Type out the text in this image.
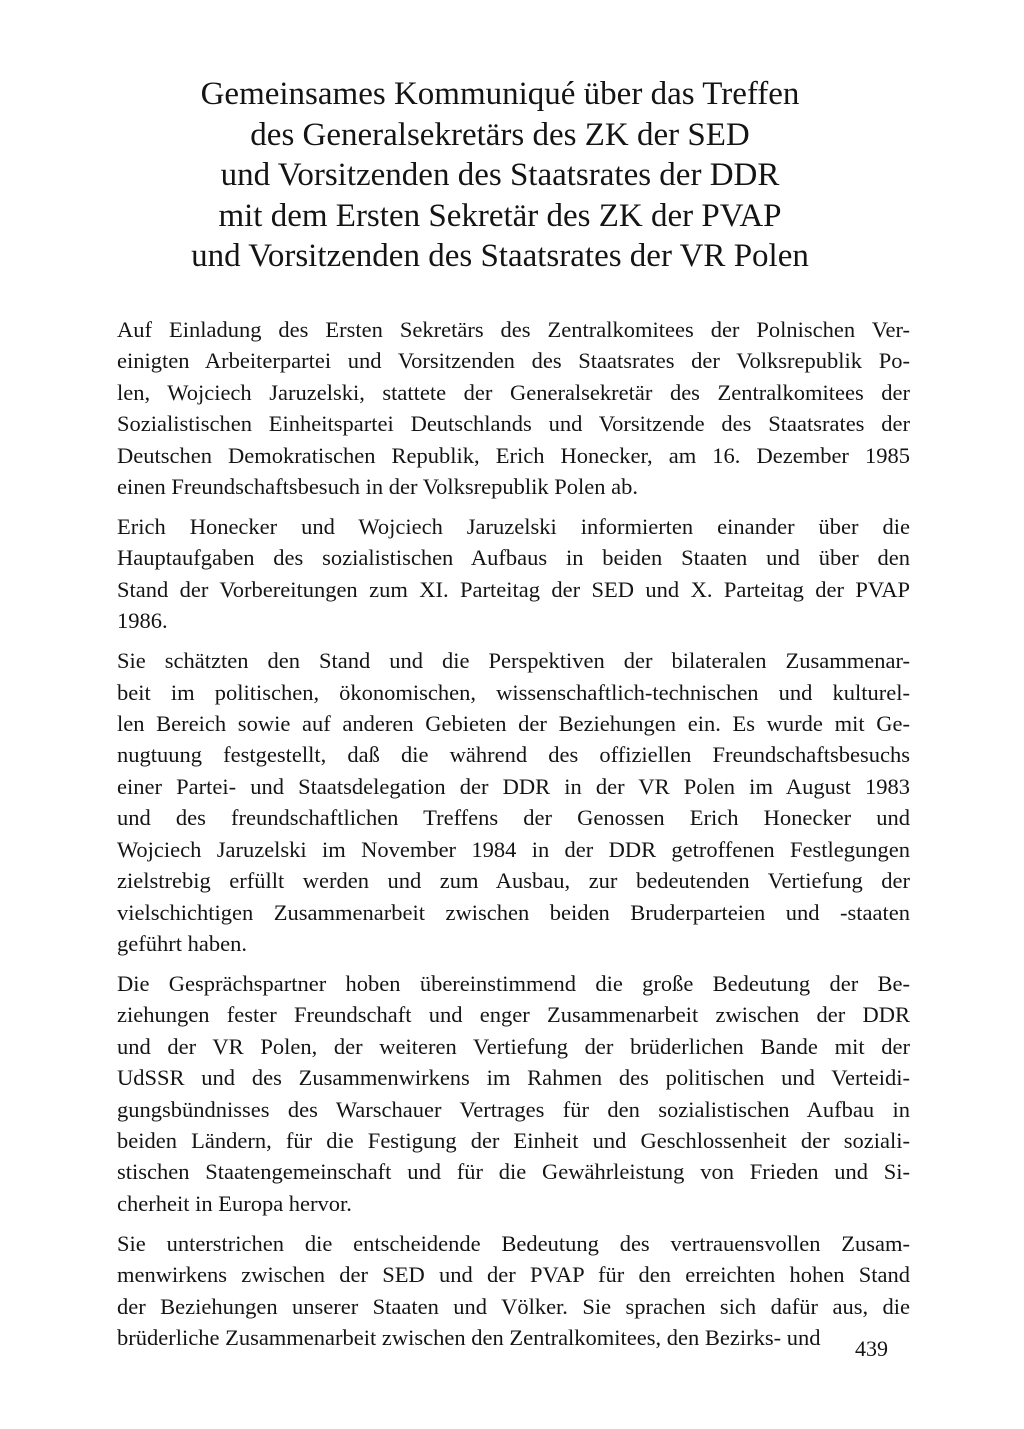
Gemeinsames Kommuniqué über das Treffen
des Generalsekretärs des ZK der SED
und Vorsitzenden des Staatsrates der DDR
mit dem Ersten Sekretär des ZK der PVAP
und Vorsitzenden des Staatsrates der VR Polen

Auf Einladung des Ersten Sekretärs des Zentralkomitees der Polnischen Ver-
einigten Arbeiterpartei und Vorsitzenden des Staatsrates der Volksrepublik Po-
len, Wojciech Jaruzelski, stattete der Generalsekretär des Zentralkomitees der
Sozialistischen Einheitspartei Deutschlands und Vorsitzende des Staatsrates der
Deutschen Demokratischen Republik, Erich Honecker, am 16. Dezember 1985
einen Freundschaftsbesuch in der Volksrepublik Polen ab.

Erich Honecker und Wojciech Jaruzelski informierten einander über die
Hauptaufgaben des sozialistischen Aufbaus in beiden Staaten und über den
Stand der Vorbereitungen zum XI. Parteitag der SED und X. Parteitag der PVAP
1986.

Sie schätzten den Stand und die Perspektiven der bilateralen Zusammenar-
beit im politischen, ökonomischen, wissenschaftlich-technischen und kulturel-
len Bereich sowie auf anderen Gebieten der Beziehungen ein. Es wurde mit Ge-
nugtuung festgestellt, daß die während des offiziellen Freundschaftsbesuchs
einer Partei- und Staatsdelegation der DDR in der VR Polen im August 1983
und des freundschaftlichen Treffens der Genossen Erich Honecker und
Wojciech Jaruzelski im November 1984 in der DDR getroffenen Festlegungen
zielstrebig erfüllt werden und zum Ausbau, zur bedeutenden Vertiefung der
vielschichtigen Zusammenarbeit zwischen beiden Bruderparteien und -staaten
geführt haben.

Die Gesprächspartner hoben übereinstimmend die große Bedeutung der Be-
ziehungen fester Freundschaft und enger Zusammenarbeit zwischen der DDR
und der VR Polen, der weiteren Vertiefung der brüderlichen Bande mit der
UdSSR und des Zusammenwirkens im Rahmen des politischen und Verteidi-
gungsbündnisses des Warschauer Vertrages für den sozialistischen Aufbau in
beiden Ländern, für die Festigung der Einheit und Geschlossenheit der soziali-
stischen Staatengemeinschaft und für die Gewährleistung von Frieden und Si-
cherheit in Europa hervor.

Sie unterstrichen die entscheidende Bedeutung des vertrauensvollen Zusam-
menwirkens zwischen der SED und der PVAP für den erreichten hohen Stand
der Beziehungen unserer Staaten und Völker. Sie sprachen sich dafür aus, die
brüderliche Zusammenarbeit zwischen den Zentralkomitees, den Bezirks- und	439
